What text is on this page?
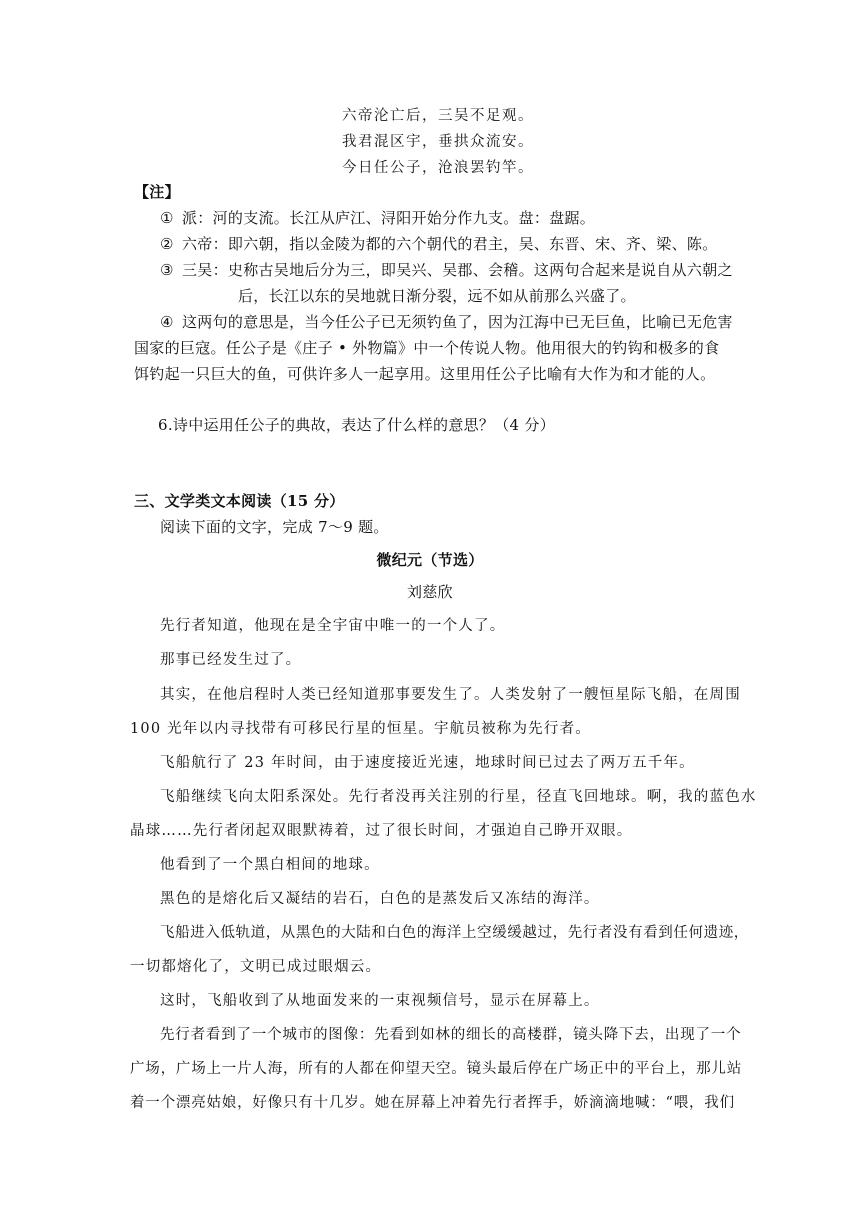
六帝沦亡后，三吴不足观。
我君混区宇，垂拱众流安。
今日任公子，沧浪罢钓竿。
【注】
① 派：河的支流。长江从庐江、浔阳开始分作九支。盘：盘踞。
② 六帝：即六朝，指以金陵为都的六个朝代的君主，吴、东晋、宋、齐、梁、陈。
③ 三吴：史称古吴地后分为三，即吴兴、吴郡、会稽。这两句合起来是说自从六朝之
后，长江以东的吴地就日渐分裂，远不如从前那么兴盛了。
④ 这两句的意思是，当今任公子已无须钓鱼了，因为江海中已无巨鱼，比喻已无危害
国家的巨寇。任公子是《庄子 • 外物篇》中一个传说人物。他用很大的钓钩和极多的食
饵钓起一只巨大的鱼，可供许多人一起享用。这里用任公子比喻有大作为和才能的人。
6.诗中运用任公子的典故，表达了什么样的意思？（4 分）
三、文学类文本阅读（15 分）
阅读下面的文字，完成 7～9 题。
微纪元（节选）
刘慈欣
先行者知道，他现在是全宇宙中唯一的一个人了。
那事已经发生过了。
其实，在他启程时人类已经知道那事要发生了。人类发射了一艘恒星际飞船，在周围
100 光年以内寻找带有可移民行星的恒星。宇航员被称为先行者。
飞船航行了 23 年时间，由于速度接近光速，地球时间已过去了两万五千年。
飞船继续飞向太阳系深处。先行者没再关注别的行星，径直飞回地球。啊，我的蓝色水
晶球……先行者闭起双眼默祷着，过了很长时间，才强迫自己睁开双眼。
他看到了一个黑白相间的地球。
黑色的是熔化后又凝结的岩石，白色的是蒸发后又冻结的海洋。
飞船进入低轨道，从黑色的大陆和白色的海洋上空缓缓越过，先行者没有看到任何遗迹，
一切都熔化了，文明已成过眼烟云。
这时，飞船收到了从地面发来的一束视频信号，显示在屏幕上。
先行者看到了一个城市的图像：先看到如林的细长的高楼群，镜头降下去，出现了一个
广场，广场上一片人海，所有的人都在仰望天空。镜头最后停在广场正中的平台上，那儿站
着一个漂亮姑娘，好像只有十几岁。她在屏幕上冲着先行者挥手，娇滴滴地喊：“喂，我们
